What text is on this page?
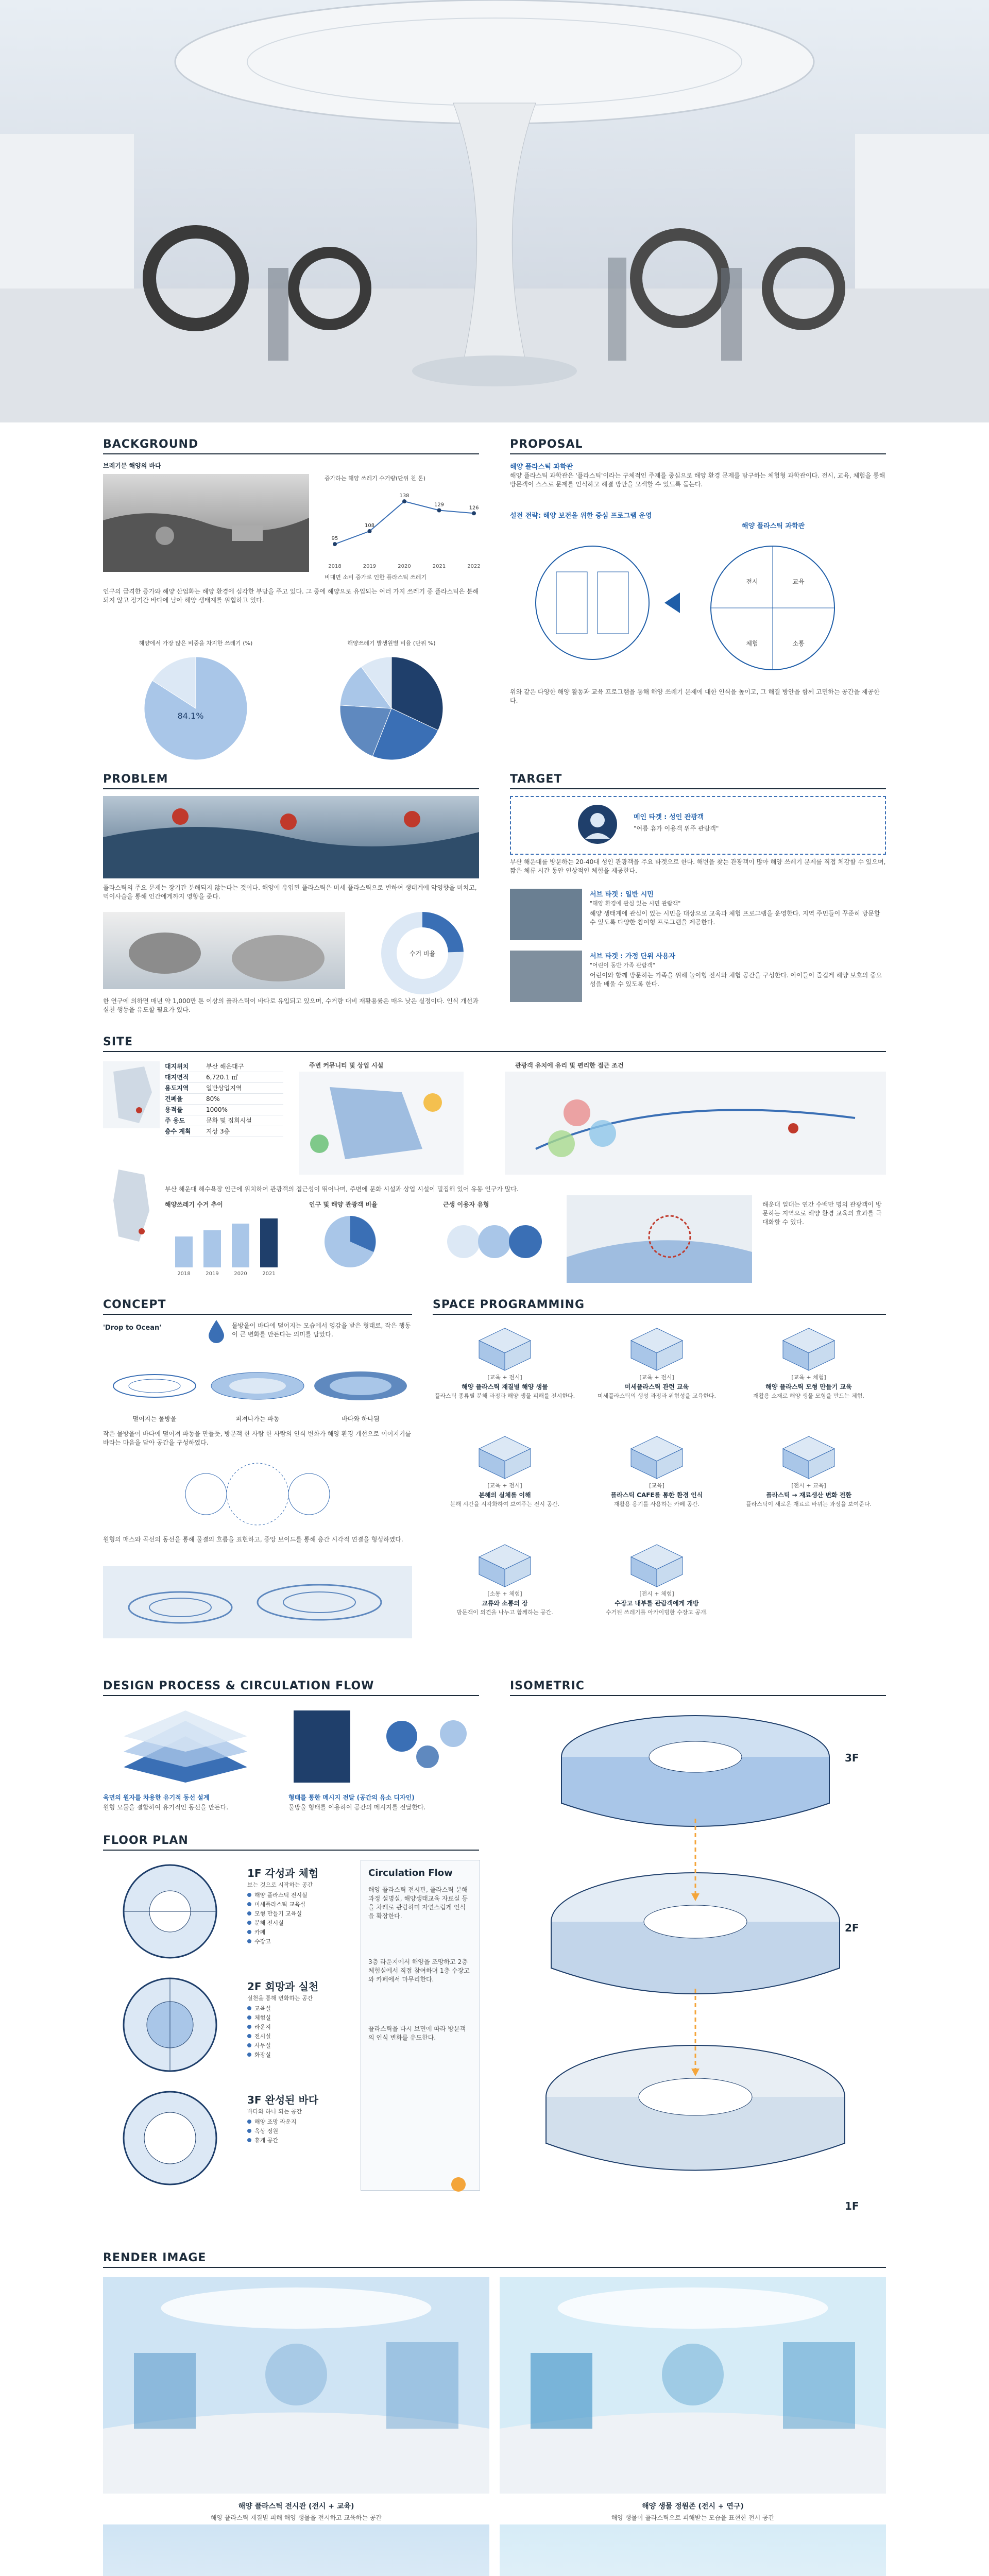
BACKGROUND
브레기분 해양의 바다
증가하는 해양 쓰레기 수거량(단위 천 톤)
95
2018
108
2019
138
2020
129
2021
126
2022
비대면 소비 증가로 인한 플라스틱 쓰레기
인구의 급격한 증가와 해양 산업화는 해양 환경에 심각한 부담을 주고 있다. 그 중에 해양으로 유입되는 여러 가지 쓰레기 중 플라스틱은 분해되지 않고 장기간 바다에 남아 해양 생태계를 위협하고 있다.
해양에서 가장 많은 비중을 차지한 쓰레기 (%)	해양쓰레기 발생원별 비율 (단위 %)
84.1%
PROPOSAL
해양 플라스틱 과학관
해양 플라스틱 과학관은 '플라스틱'이라는 구체적인 주제를 중심으로 해양 환경 문제를 탐구하는 체험형 과학관이다. 전시, 교육, 체험을 통해 방문객이 스스로 문제를 인식하고 해결 방안을 모색할 수 있도록 돕는다.
설전 전략: 해양 보전을 위한 중심 프로그램 운영
해양 플라스틱 과학관
전시	교육
체험	소통
위와 같은 다양한 해양 활동과 교육 프로그램을 통해 해양 쓰레기 문제에 대한 인식을 높이고, 그 해결 방안을 함께 고민하는 공간을 제공한다.
PROBLEM
플라스틱의 주요 문제는 장기간 분해되지 않는다는 것이다. 해양에 유입된 플라스틱은 미세 플라스틱으로 변하여 생태계에 악영향을 미치고, 먹이사슬을 통해 인간에게까지 영향을 준다.
수거 비율
한 연구에 의하면 매년 약 1,000만 톤 이상의 플라스틱이 바다로 유입되고 있으며, 수거량 대비 재활용률은 매우 낮은 실정이다. 인식 개선과 실천 행동을 유도할 필요가 있다.
TARGET
메인 타겟 : 성인 관광객
"여름 휴가 이용객 위주 관람객"
부산 해운대를 방문하는 20-40대 성인 관광객을 주요 타겟으로 한다. 해변을 찾는 관광객이 많아 해양 쓰레기 문제를 직접 체감할 수 있으며, 짧은 체류 시간 동안 인상적인 체험을 제공한다.
서브 타겟 : 일반 시민
"해양 환경에 관심 있는 시민 관람객"
해양 생태계에 관심이 있는 시민을 대상으로 교육과 체험 프로그램을 운영한다. 지역 주민들이 꾸준히 방문할 수 있도록 다양한 참여형 프로그램을 제공한다.
서브 타겟 : 가정 단위 사용자
"어린이 동반 가족 관람객"
어린이와 함께 방문하는 가족을 위해 놀이형 전시와 체험 공간을 구성한다. 아이들이 즐겁게 해양 보호의 중요성을 배울 수 있도록 한다.
SITE
대지위치	부산 해운대구
대지면적	6,720.1 ㎡
용도지역	일반상업지역
건폐율	80%
용적률	1000%
주 용도	문화 및 집회시설
층수 계획	지상 3층
주변 커뮤니티 및 상업 시설	관광객 유치에 유리 및 편리한 접근 조건
부산 해운대 해수욕장 인근에 위치하여 관광객의 접근성이 뛰어나며, 주변에 문화 시설과 상업 시설이 밀집해 있어 유동 인구가 많다.
해양쓰레기 수거 추이
2018	2019	2020	2021
인구 및 해양 관광객 비율	근생 이용자 유형	해운대 일대는 연간 수백만 명의 관광객이 방문하는 지역으로 해양 환경 교육의 효과를 극대화할 수 있다.
CONCEPT
'Drop to Ocean'	물방울이 바다에 떨어지는 모습에서 영감을 받은 형태로, 작은 행동이 큰 변화를 만든다는 의미를 담았다.
떨어지는 물방울	퍼져나가는 파동	바다와 하나됨
작은 물방울이 바다에 떨어져 파동을 만들듯, 방문객 한 사람 한 사람의 인식 변화가 해양 환경 개선으로 이어지기를 바라는 마음을 담아 공간을 구성하였다.
원형의 매스와 곡선의 동선을 통해 물결의 흐름을 표현하고, 중앙 보이드를 통해 층간 시각적 연결을 형성하였다.
SPACE PROGRAMMING
[교육 + 전시]
해양 플라스틱 재질별 해양 생물
플라스틱 종류별 분해 과정과 해양 생물 피해를 전시한다.
[교육 + 전시]
미세플라스틱 관련 교육
미세플라스틱의 생성 과정과 위험성을 교육한다.
[교육 + 체험]
해양 플라스틱 모형 만들기 교육
재활용 소재로 해양 생물 모형을 만드는 체험.
[교육 + 전시]
분해의 실체를 이해
분해 시간을 시각화하여 보여주는 전시 공간.
[교육]
플라스틱 CAFE를 통한 환경 인식
재활용 용기를 사용하는 카페 공간.
[전시 + 교육]
플라스틱 → 재료생산 변화 전환
플라스틱이 새로운 재료로 바뀌는 과정을 보여준다.
[소통 + 체험]
교류와 소통의 장
방문객이 의견을 나누고 함께하는 공간.
[전시 + 체험]
수장고 내부를 관람객에게 개방
수거된 쓰레기를 아카이빙한 수장고 공개.
DESIGN PROCESS & CIRCULATION FLOW
육면의 원자를 차용한 유기적 동선 설계
원형 모듈을 결합하여 유기적인 동선을 만든다.
형태를 통한 메시지 전달 (공간의 유소 디자인)
물방울 형태를 이용하여 공간의 메시지를 전달한다.
FLOOR PLAN
1F 각성과 체험
보는 것으로 시작하는 공간
해양 플라스틱 전시실
미세플라스틱 교육실
모형 만들기 교육실
분해 전시실
카페
수장고
2F 회망과 실천
실천을 통해 변화하는 공간
교육실
체험실
라운지
전시실
사무실
화장실
3F 완성된 바다
바다와 하나 되는 공간
해양 조망 라운지
옥상 정원
휴게 공간
Circulation Flow
해양 플라스틱 전시관, 플라스틱 분해과정 설명실, 해양생태교육 자료실 등을 차례로 관람하며 자연스럽게 인식을 확장한다.
3층 라운지에서 해양을 조망하고 2층 체험실에서 직접 참여하며 1층 수장고와 카페에서 마무리한다.
플라스틱을 다시 보면에 따라 방문객의 인식 변화를 유도한다.
ISOMETRIC
3F
2F
1F
RENDER IMAGE
해양 플라스틱 전시관 (전시 + 교육)
해양 플라스틱 재질별 피해 해양 생물을 전시하고 교육하는 공간
해양 생물 정원존 (전시 + 연구)
해양 생물이 플라스틱으로 피해받는 모습을 표현한 전시 공간
